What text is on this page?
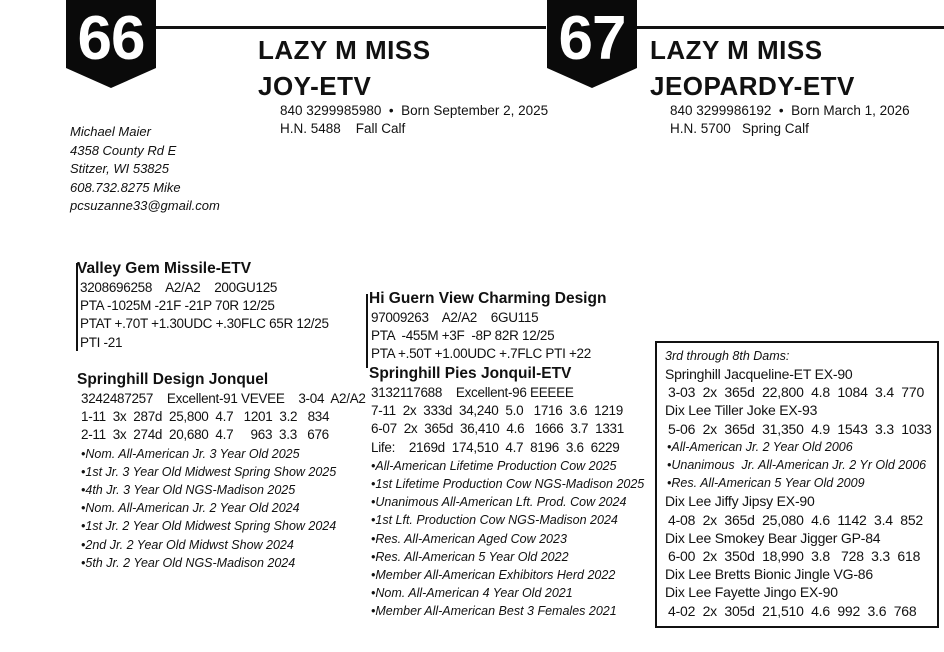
66	67
LAZY M MISS
JOY-ETV
840 3299985980  •  Born September 2, 2025
H.N. 5488    Fall Calf
LAZY M MISS
JEOPARDY-ETV
840 3299986192  •  Born March 1, 2026
H.N. 5700   Spring Calf
Michael Maier
4358 County Rd E
Stitzer, WI 53825
608.732.8275 Mike
pcsuzanne33@gmail.com
Valley Gem Missile-ETV
3208696258    A2/A2    200GU125
PTA -1025M -21F -21P 70R 12/25
PTAT +.70T +1.30UDC +.30FLC 65R 12/25
PTI -21
Springhill Design Jonquel
3242487257    Excellent-91 VEVEE    3-04  A2/A2
1-11  3x  287d  25,800  4.7   1201  3.2   834
2-11  3x  274d  20,680  4.7     963  3.3   676
•Nom. All-American Jr. 3 Year Old 2025
•1st Jr. 3 Year Old Midwest Spring Show 2025
•4th Jr. 3 Year Old NGS-Madison 2025
•Nom. All-American Jr. 2 Year Old 2024
•1st Jr. 2 Year Old Midwest Spring Show 2024
•2nd Jr. 2 Year Old Midwst Show 2024
•5th Jr. 2 Year Old NGS-Madison 2024
Hi Guern View Charming Design
97009263    A2/A2    6GU115
PTA  -455M +3F  -8P 82R 12/25
PTA +.50T +1.00UDC +.7FLC PTI +22
Springhill Pies Jonquil-ETV
3132117688    Excellent-96 EEEEE
7-11  2x  333d  34,240  5.0   1716  3.6  1219
6-07  2x  365d  36,410  4.6   1666  3.7  1331
Life:    2169d  174,510  4.7  8196  3.6  6229
•All-American Lifetime Production Cow 2025
•1st Lifetime Production Cow NGS-Madison 2025
•Unanimous All-American Lft. Prod. Cow 2024
•1st Lft. Production Cow NGS-Madison 2024
•Res. All-American Aged Cow 2023
•Res. All-American 5 Year Old 2022
•Member All-American Exhibitors Herd 2022
•Nom. All-American 4 Year Old 2021
•Member All-American Best 3 Females 2021
3rd through 8th Dams:
Springhill Jacqueline-ET EX-90
3-03  2x  365d  22,800  4.8  1084  3.4  770
Dix Lee Tiller Joke EX-93
5-06  2x  365d  31,350  4.9  1543  3.3  1033
•All-American Jr. 2 Year Old 2006
•Unanimous  Jr. All-American Jr. 2 Yr Old 2006
•Res. All-American 5 Year Old 2009
Dix Lee Jiffy Jipsy EX-90
4-08  2x  365d  25,080  4.6  1142  3.4  852
Dix Lee Smokey Bear Jigger GP-84
6-00  2x  350d  18,990  3.8   728  3.3  618
Dix Lee Bretts Bionic Jingle VG-86
Dix Lee Fayette Jingo EX-90
4-02  2x  305d  21,510  4.6  992  3.6  768
